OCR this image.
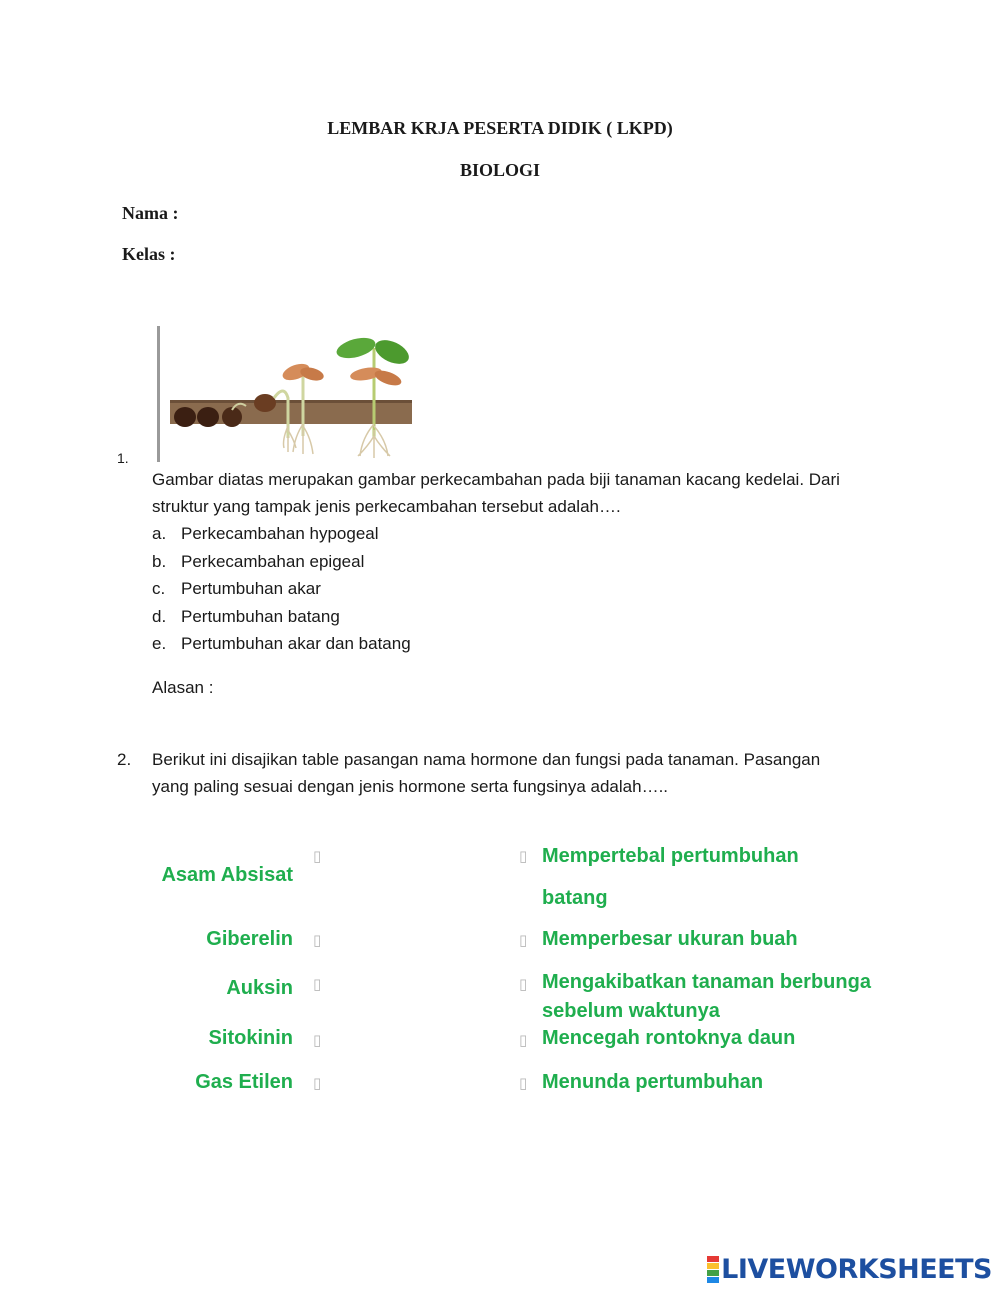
LEMBAR KRJA PESERTA DIDIK ( LKPD)
BIOLOGI
Nama :
Kelas :
1.
Gambar diatas merupakan gambar perkecambahan pada biji tanaman kacang kedelai. Dari
struktur yang tampak jenis perkecambahan tersebut adalah….
a. Perkecambahan hypogeal
b. Perkecambahan epigeal
c. Pertumbuhan akar
d. Pertumbuhan batang
e. Pertumbuhan akar dan batang
Alasan :
2. Berikut ini disajikan table pasangan nama hormone dan fungsi pada tanaman. Pasangan
yang paling sesuai dengan jenis hormone serta fungsinya adalah…..
Asam Absisat
Giberelin
Auksin
Sitokinin
Gas Etilen
▯
▯
▯
▯
▯
▯
▯
▯
▯
▯
Mempertebal pertumbuhan
batang
Memperbesar ukuran buah
Mengakibatkan tanaman berbunga
sebelum waktunya
Mencegah rontoknya daun
Menunda pertumbuhan
LIVEWORKSHEETS
